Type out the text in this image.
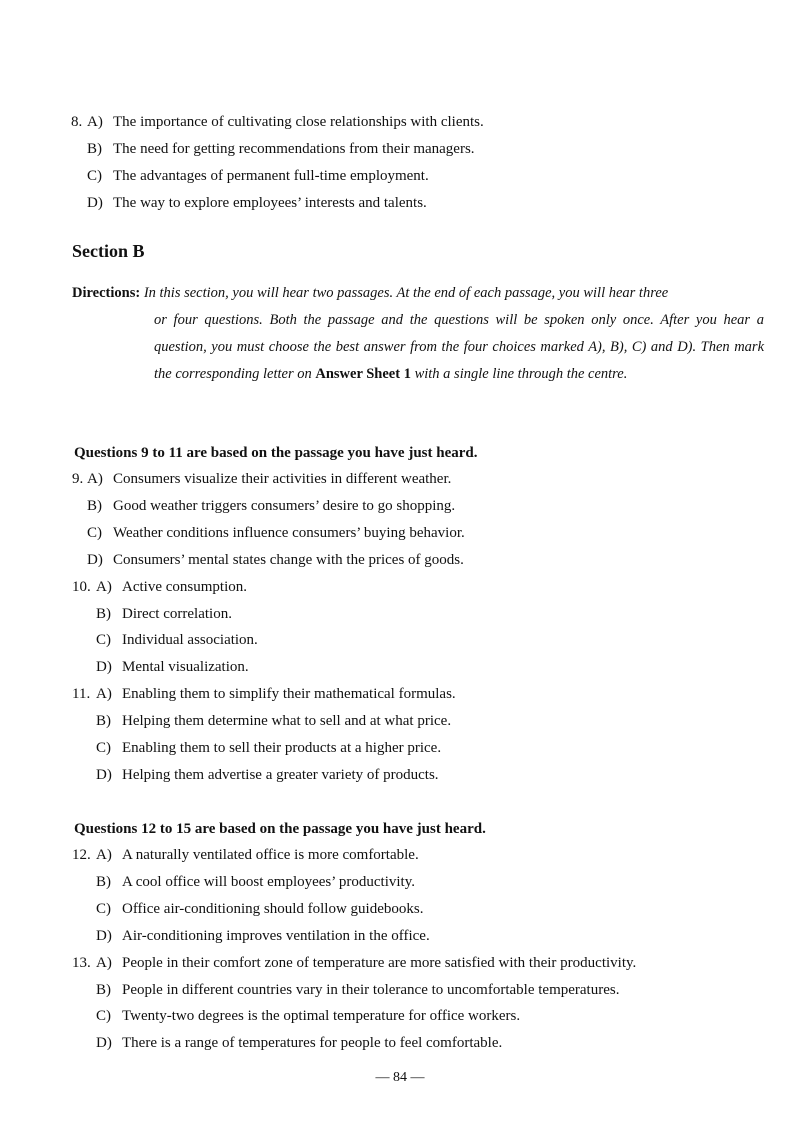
8. A) The importance of cultivating close relationships with clients.
B) The need for getting recommendations from their managers.
C) The advantages of permanent full-time employment.
D) The way to explore employees’ interests and talents.
Section B
Directions: In this section, you will hear two passages. At the end of each passage, you will hear three
or four questions. Both the passage and the questions will be spoken only once. After you hear a question, you must choose the best answer from the four choices marked A), B), C) and D). Then mark the corresponding letter on Answer Sheet 1 with a single line through the centre.
Questions 9 to 11 are based on the passage you have just heard.
9. A) Consumers visualize their activities in different weather.
B) Good weather triggers consumers’ desire to go shopping.
C) Weather conditions influence consumers’ buying behavior.
D) Consumers’ mental states change with the prices of goods.
10. A) Active consumption.
B) Direct correlation.
C) Individual association.
D) Mental visualization.
11. A) Enabling them to simplify their mathematical formulas.
B) Helping them determine what to sell and at what price.
C) Enabling them to sell their products at a higher price.
D) Helping them advertise a greater variety of products.
Questions 12 to 15 are based on the passage you have just heard.
12. A) A naturally ventilated office is more comfortable.
B) A cool office will boost employees’ productivity.
C) Office air-conditioning should follow guidebooks.
D) Air-conditioning improves ventilation in the office.
13. A) People in their comfort zone of temperature are more satisfied with their productivity.
B) People in different countries vary in their tolerance to uncomfortable temperatures.
C) Twenty-two degrees is the optimal temperature for office workers.
D) There is a range of temperatures for people to feel comfortable.
— 84 —
